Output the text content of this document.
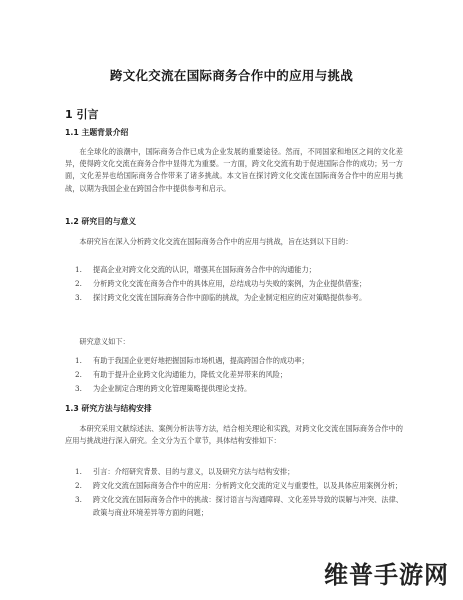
跨文化交流在国际商务合作中的应用与挑战
1 引言
1.1 主题背景介绍

在全球化的浪潮中，国际商务合作已成为企业发展的重要途径。然而，不同国家和地区之间的文化差异，使得跨文化交流在商务合作中显得尤为重要。一方面，跨文化交流有助于促进国际合作的成功；另一方面，文化差异也给国际商务合作带来了诸多挑战。本文旨在探讨跨文化交流在国际商务合作中的应用与挑战，以期为我国企业在跨国合作中提供参考和启示。

1.2 研究目的与意义

本研究旨在深入分析跨文化交流在国际商务合作中的应用与挑战，旨在达到以下目的：

1. 提高企业对跨文化交流的认识，增强其在国际商务合作中的沟通能力；
2. 分析跨文化交流在商务合作中的具体应用，总结成功与失败的案例，为企业提供借鉴；
3. 探讨跨文化交流在国际商务合作中面临的挑战，为企业制定相应的应对策略提供参考。

研究意义如下：

1. 有助于我国企业更好地把握国际市场机遇，提高跨国合作的成功率；
2. 有助于提升企业跨文化沟通能力，降低文化差异带来的风险；
3. 为企业制定合理的跨文化管理策略提供理论支持。
1.3 研究方法与结构安排

本研究采用文献综述法、案例分析法等方法，结合相关理论和实践，对跨文化交流在国际商务合作中的应用与挑战进行深入研究。全文分为五个章节，具体结构安排如下：

1. 引言：介绍研究背景、目的与意义，以及研究方法与结构安排；
2. 跨文化交流在国际商务合作中的应用：分析跨文化交流的定义与重要性，以及具体应用案例分析；
3. 跨文化交流在国际商务合作中的挑战：探讨语言与沟通障碍、文化差异导致的误解与冲突、法律、政策与商业环境差异等方面的问题；
维普手游网
